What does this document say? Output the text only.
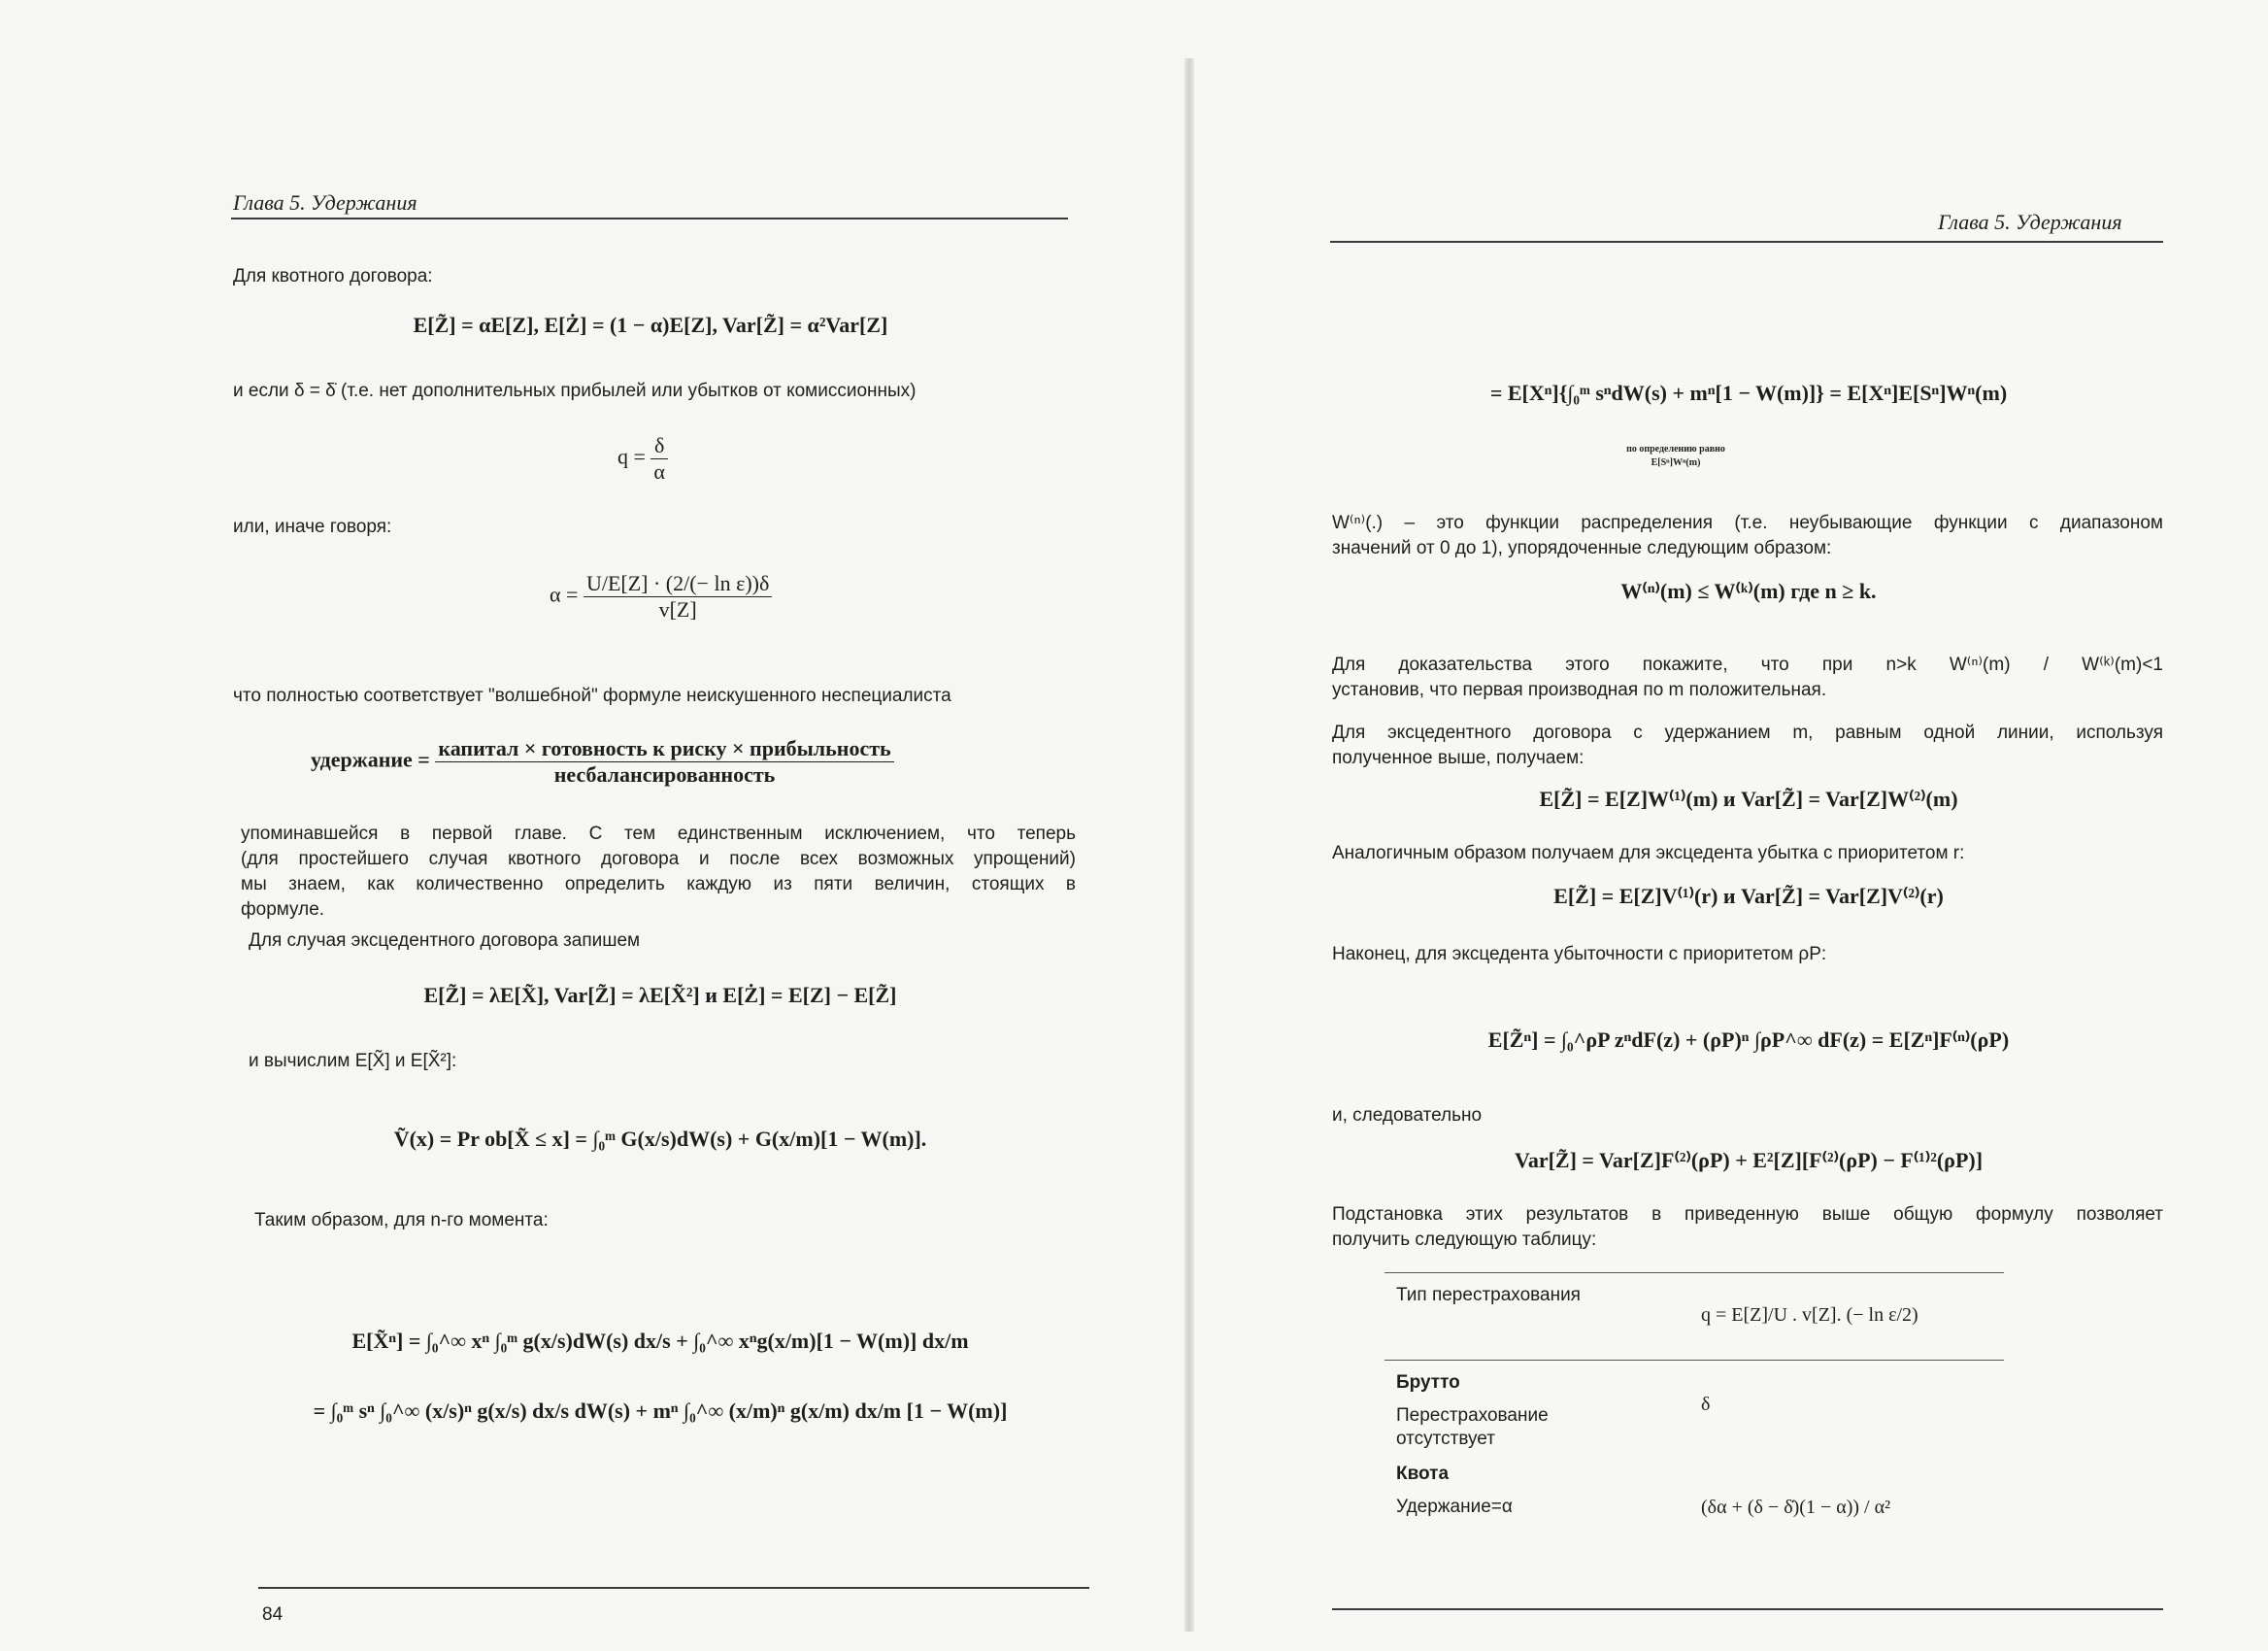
Глава 5. Удержания
Для квотного договора:
E[Z̃] = αE[Z], E[Ż] = (1 − α)E[Z], Var[Z̃] = α²Var[Z]
и если δ = δ̇ (т.е. нет дополнительных прибылей или убытков от комиссионных)
$q = \frac{\delta}{\alpha}$
или, иначе говоря:
$\alpha = \frac{\text{U/E[Z] · (2/(− ln ε))δ}}{v[Z]}$
что полностью соответствует "волшебной" формуле неискушенного неспециалиста
удержание = $\frac{\text{капитал × готовность к риску × прибыльность}}{\text{несбалансированность}}$
упоминавшейся в первой главе. С тем единственным исключением, что теперь
(для простейшего случая квотного договора и после всех возможных упрощений)
мы знаем, как количественно определить каждую из пяти величин, стоящих в
формуле.
Для случая эксцедентного договора запишем
E[Z̃] = λE[X̃], Var[Z̃] = λE[X̃²] и E[Ż] = E[Z] − E[Z̃]
и вычислим E[X̃] и E[X̃²]:
Ṽ(x) = Pr ob[X̃ ≤ x] = ∫₀ᵐ G(x/s)dW(s) + G(x/m)[1 − W(m)].
Таким образом, для n-го момента:
E[X̃ⁿ] = ∫₀^∞ xⁿ ∫₀ᵐ g(x/s)dW(s) dx/s + ∫₀^∞ xⁿg(x/m)[1 − W(m)] dx/m
= ∫₀ᵐ sⁿ ∫₀^∞ (x/s)ⁿ g(x/s) dx/s dW(s) + mⁿ ∫₀^∞ (x/m)ⁿ g(x/m) dx/m [1 − W(m)]
84
Глава 5. Удержания
= E[Xⁿ]{∫₀ᵐ sⁿdW(s) + mⁿ[1 − W(m)]} = E[Xⁿ]E[Sⁿ]Wⁿ(m)
по определению равно
E[Sⁿ]Wⁿ(m)
W⁽ⁿ⁾(.) – это функции распределения (т.е. неубывающие функции с диапазоном
значений от 0 до 1), упорядоченные следующим образом:
W⁽ⁿ⁾(m) ≤ W⁽ᵏ⁾(m) где n ≥ k.
Для доказательства этого покажите, что при n>k W⁽ⁿ⁾(m) / W⁽ᵏ⁾(m)<1
установив, что первая производная по m положительная.
Для эксцедентного договора с удержанием m, равным одной линии, используя
полученное выше, получаем:
E[Z̃] = E[Z]W⁽¹⁾(m) и Var[Z̃] = Var[Z]W⁽²⁾(m)
Аналогичным образом получаем для эксцедента убытка с приоритетом r:
E[Z̃] = E[Z]V⁽¹⁾(r) и Var[Z̃] = Var[Z]V⁽²⁾(r)
Наконец, для эксцедента убыточности с приоритетом ρP:
E[Z̃ⁿ] = ∫₀^ρP zⁿdF(z) + (ρP)ⁿ ∫ρP^∞ dF(z) = E[Zⁿ]F⁽ⁿ⁾(ρP)
и, следовательно
Var[Z̃] = Var[Z]F⁽²⁾(ρP) + E²[Z][F⁽²⁾(ρP) − F⁽¹⁾²(ρP)]
Подстановка этих результатов в приведенную выше общую формулу позволяет
получить следующую таблицу:
Тип перестрахования
q = E[Z]/U . v[Z]. (− ln ε/2)
Брутто
Перестрахование
отсутствует
δ
Квота
Удержание=α	(δα + (δ − δ̇)(1 − α)) / α²
